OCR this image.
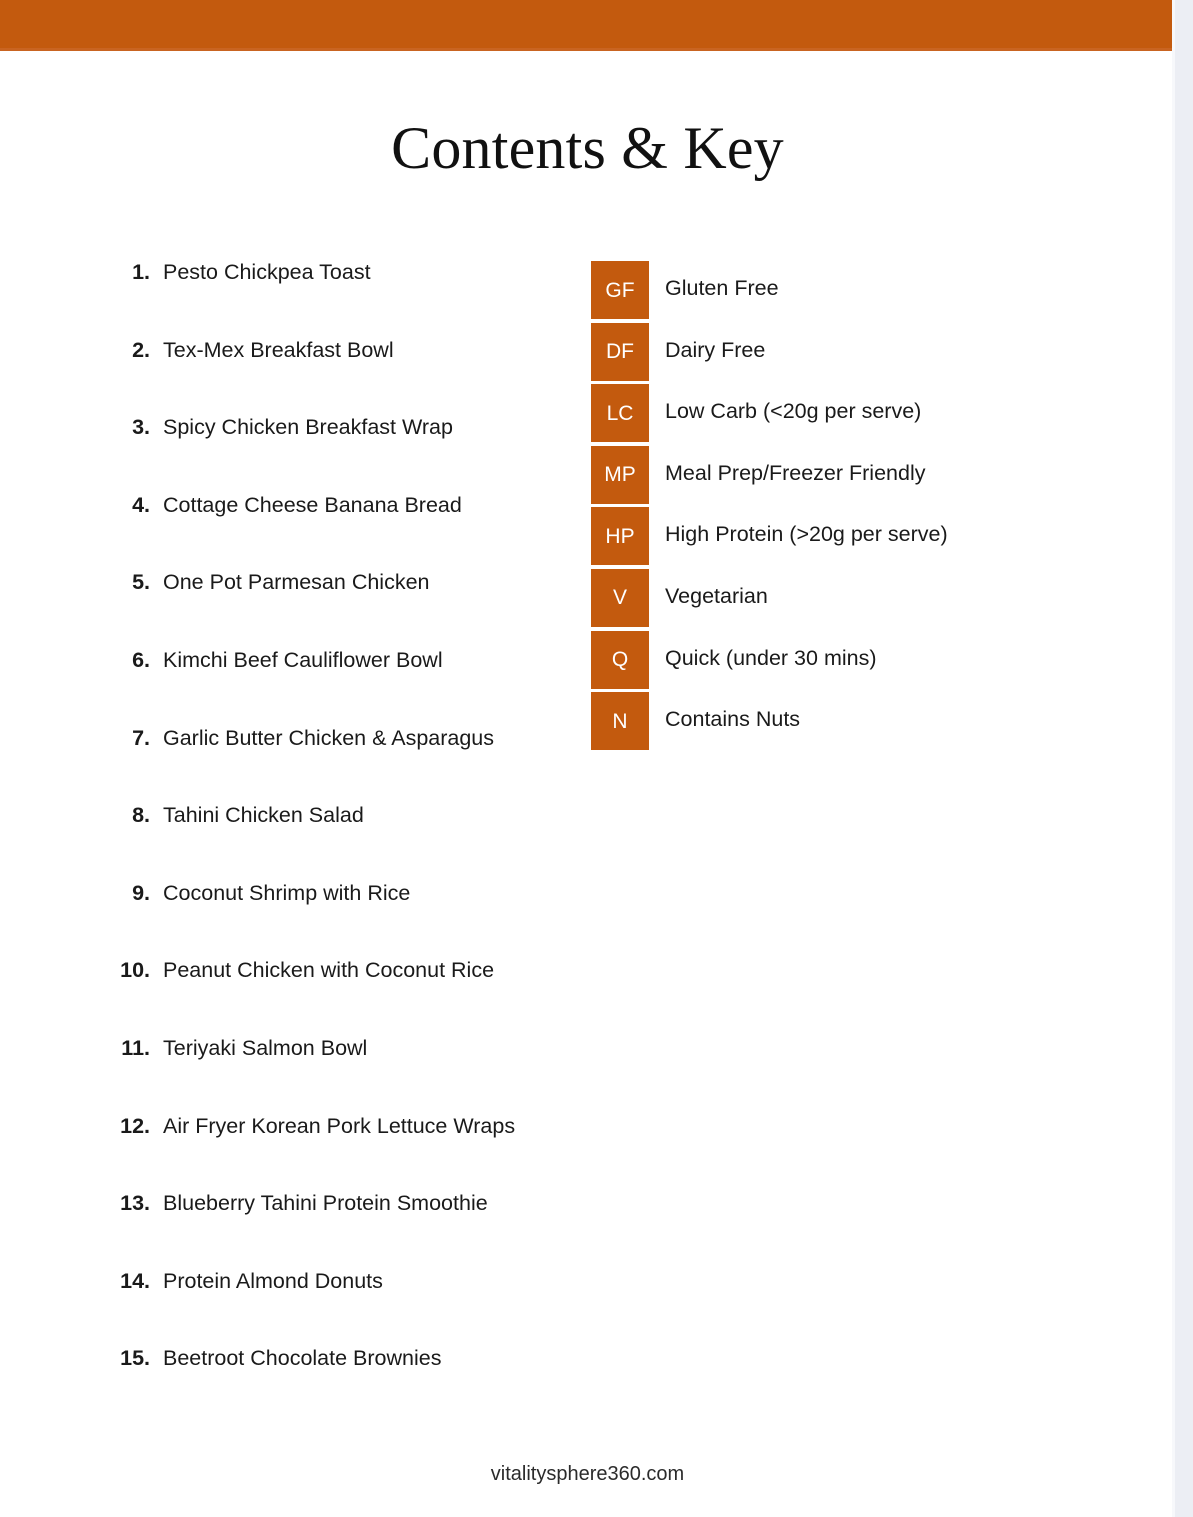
Contents & Key
1. Pesto Chickpea Toast
2. Tex-Mex Breakfast Bowl
3. Spicy Chicken Breakfast Wrap
4. Cottage Cheese Banana Bread
5. One Pot Parmesan Chicken
6. Kimchi Beef Cauliflower Bowl
7. Garlic Butter Chicken & Asparagus
8. Tahini Chicken Salad
9. Coconut Shrimp with Rice
10. Peanut Chicken with Coconut Rice
11. Teriyaki Salmon Bowl
12. Air Fryer Korean Pork Lettuce Wraps
13. Blueberry Tahini Protein Smoothie
14. Protein Almond Donuts
15. Beetroot Chocolate Brownies
GF	Gluten Free
DF	Dairy Free
LC	Low Carb (<20g per serve)
MP	Meal Prep/Freezer Friendly
HP	High Protein (>20g per serve)
V	Vegetarian
Q	Quick (under 30 mins)
N	Contains Nuts
vitalitysphere360.com
